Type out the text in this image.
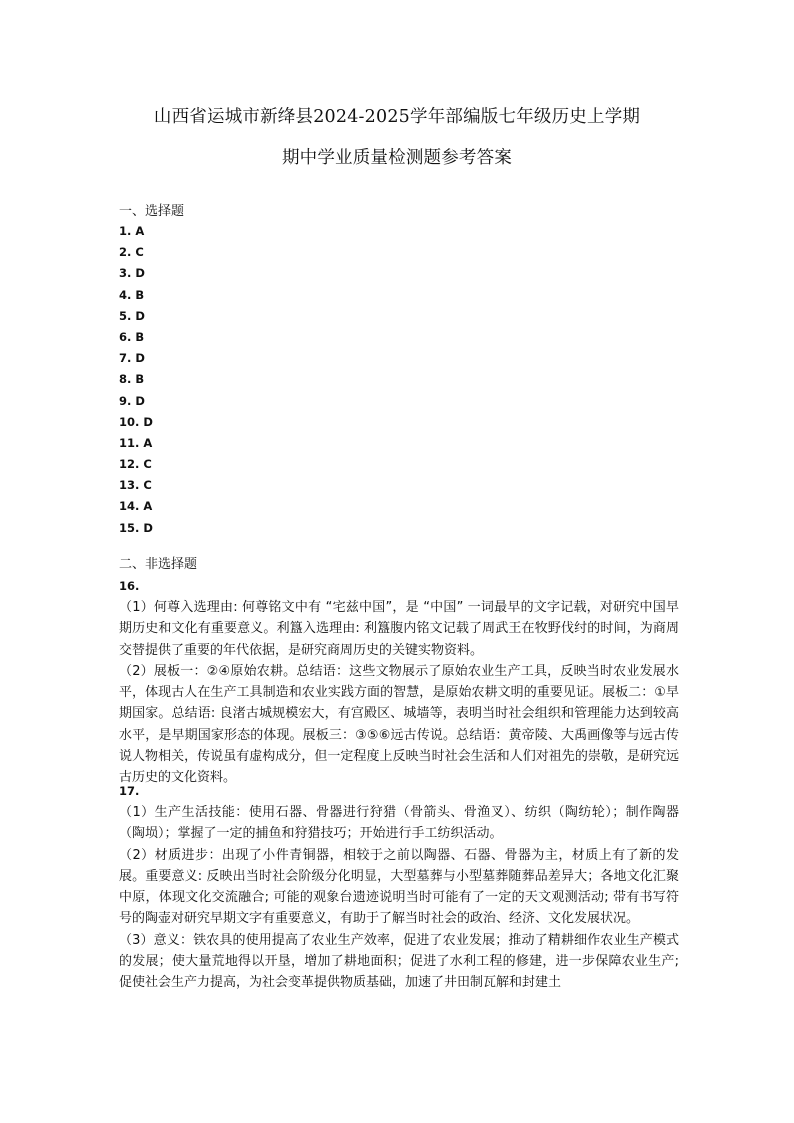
山西省运城市新绛县2024-2025学年部编版七年级历史上学期
期中学业质量检测题参考答案
一、选择题
1. A
2. C
3. D
4. B
5. D
6. B
7. D
8. B
9. D
10. D
11. A
12. C
13. C
14. A
15. D
二、非选择题
16.

（1）何尊入选理由: 何尊铭文中有 “宅兹中国”，是 “中国” 一词最早的文字记载，对研究中国早期历史和文化有重要意义。利簋入选理由: 利簋腹内铭文记载了周武王在牧野伐纣的时间，为商周交替提供了重要的年代依据，是研究商周历史的关键实物资料。

（2）展板一：②④原始农耕。总结语：这些文物展示了原始农业生产工具，反映当时农业发展水平，体现古人在生产工具制造和农业实践方面的智慧，是原始农耕文明的重要见证。展板二：①早期国家。总结语: 良渚古城规模宏大，有宫殿区、城墙等，表明当时社会组织和管理能力达到较高水平，是早期国家形态的体现。展板三：③⑤⑥远古传说。总结语：黄帝陵、大禹画像等与远古传说人物相关，传说虽有虚构成分，但一定程度上反映当时社会生活和人们对祖先的崇敬，是研究远古历史的文化资料。

17.

（1）生产生活技能：使用石器、骨器进行狩猎（骨箭头、骨渔叉）、纺织（陶纺轮）；制作陶器（陶埙）；掌握了一定的捕鱼和狩猎技巧；开始进行手工纺织活动。

（2）材质进步：出现了小件青铜器，相较于之前以陶器、石器、骨器为主，材质上有了新的发展。重要意义: 反映出当时社会阶级分化明显，大型墓葬与小型墓葬随葬品差异大；各地文化汇聚中原，体现文化交流融合; 可能的观象台遗迹说明当时可能有了一定的天文观测活动; 带有书写符号的陶壶对研究早期文字有重要意义，有助于了解当时社会的政治、经济、文化发展状况。

（3）意义：铁农具的使用提高了农业生产效率，促进了农业发展；推动了精耕细作农业生产模式的发展；使大量荒地得以开垦，增加了耕地面积；促进了水利工程的修建，进一步保障农业生产; 促使社会生产力提高，为社会变革提供物质基础，加速了井田制瓦解和封建土
